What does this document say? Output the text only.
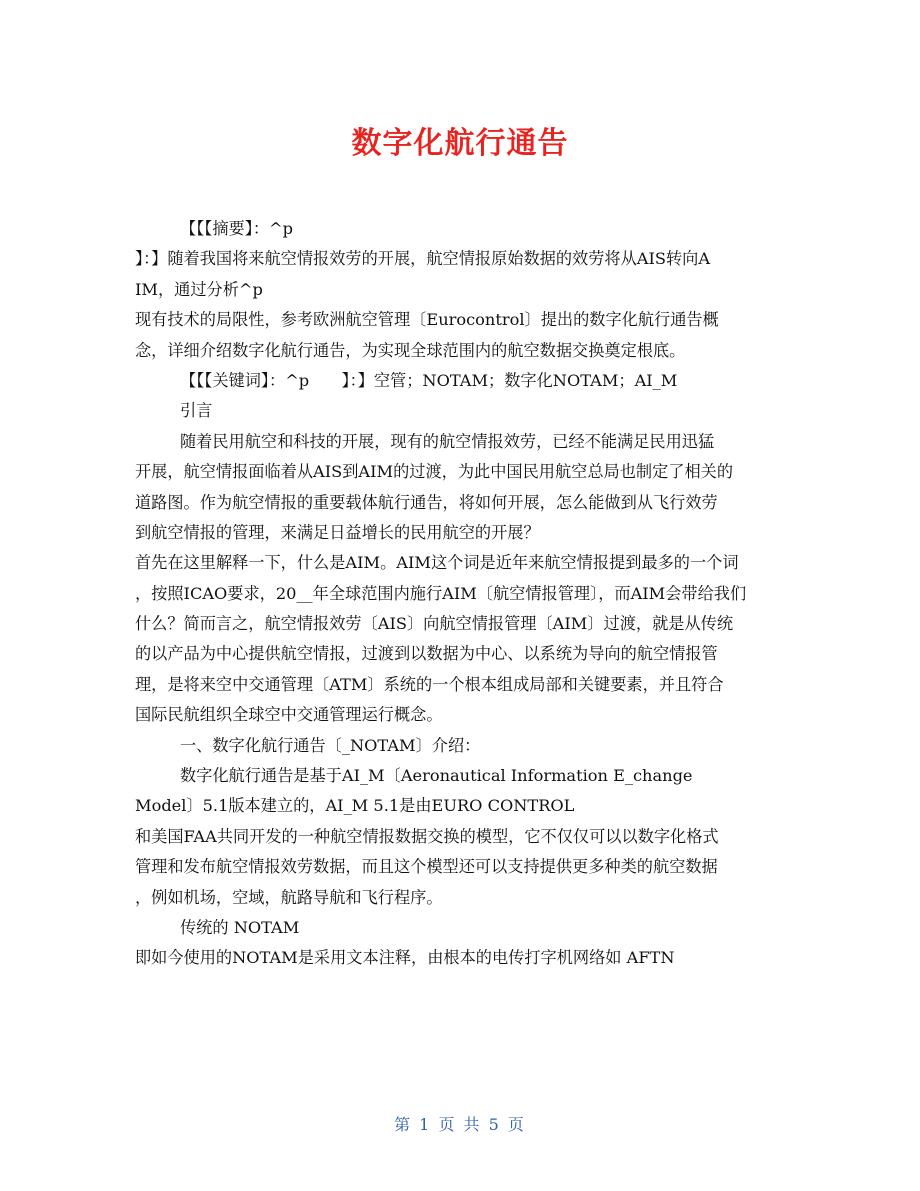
数字化航行通告
【【【摘要】：^p
】：】随着我国将来航空情报效劳的开展，航空情报原始数据的效劳将从AIS转向A
IM，通过分析^p
现有技术的局限性，参考欧洲航空管理〔Eurocontrol〕提出的数字化航行通告概
念，详细介绍数字化航行通告，为实现全球范围内的航空数据交换奠定根底。
【【【关键词】：^p　　】：】空管；NOTAM；数字化NOTAM；AI_M
引言
随着民用航空和科技的开展，现有的航空情报效劳，已经不能满足民用迅猛
开展，航空情报面临着从AIS到AIM的过渡，为此中国民用航空总局也制定了相关的
道路图。作为航空情报的重要载体航行通告，将如何开展，怎么能做到从飞行效劳
到航空情报的管理，来满足日益增长的民用航空的开展？
首先在这里解释一下，什么是AIM。AIM这个词是近年来航空情报提到最多的一个词
，按照ICAO要求，20__年全球范围内施行AIM〔航空情报管理〕，而AIM会带给我们
什么？简而言之，航空情报效劳〔AIS〕向航空情报管理〔AIM〕过渡，就是从传统
的以产品为中心提供航空情报，过渡到以数据为中心、以系统为导向的航空情报管
理，是将来空中交通管理〔ATM〕系统的一个根本组成局部和关键要素，并且符合
国际民航组织全球空中交通管理运行概念。
一、数字化航行通告〔_NOTAM〕介绍：
数字化航行通告是基于AI_M〔Aeronautical Information E_change
Model〕5.1版本建立的，AI_M 5.1是由EURO CONTROL
和美国FAA共同开发的一种航空情报数据交换的模型，它不仅仅可以以数字化格式
管理和发布航空情报效劳数据，而且这个模型还可以支持提供更多种类的航空数据
，例如机场，空域，航路导航和飞行程序。
传统的 NOTAM
即如今使用的NOTAM是采用文本注释，由根本的电传打字机网络如 AFTN
第 1 页 共 5 页
